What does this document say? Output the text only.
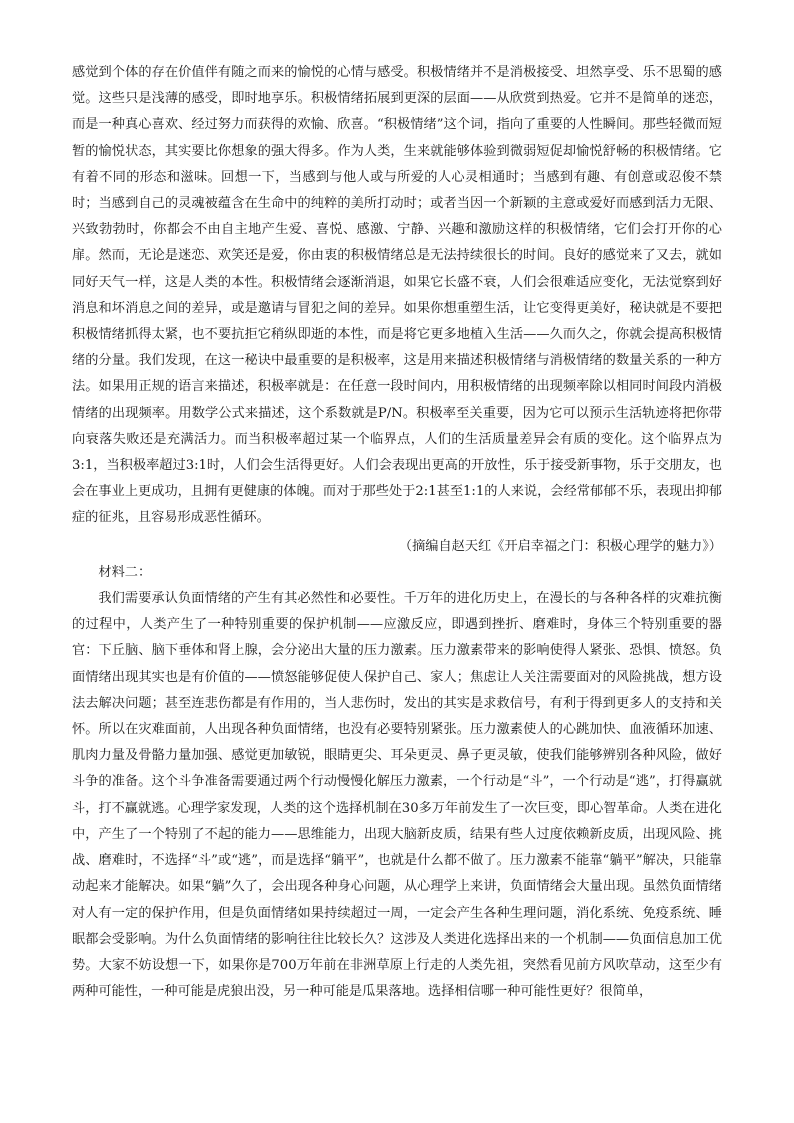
感觉到个体的存在价值伴有随之而来的愉悦的心情与感受。积极情绪并不是消极接受、坦然享受、乐不思蜀的感觉。这些只是浅薄的感受，即时地享乐。积极情绪拓展到更深的层面——从欣赏到热爱。它并不是简单的迷恋，而是一种真心喜欢、经过努力而获得的欢愉、欣喜。“积极情绪”这个词，指向了重要的人性瞬间。那些轻微而短暂的愉悦状态，其实要比你想象的强大得多。作为人类，生来就能够体验到微弱短促却愉悦舒畅的积极情绪。它有着不同的形态和滋味。回想一下，当感到与他人或与所爱的人心灵相通时；当感到有趣、有创意或忍俊不禁时；当感到自己的灵魂被蕴含在生命中的纯粹的美所打动时；或者当因一个新颖的主意或爱好而感到活力无限、兴致勃勃时，你都会不由自主地产生爱、喜悦、感激、宁静、兴趣和激励这样的积极情绪，它们会打开你的心扉。然而，无论是迷恋、欢笑还是爱，你由衷的积极情绪总是无法持续很长的时间。良好的感觉来了又去，就如同好天气一样，这是人类的本性。积极情绪会逐渐消退，如果它长盛不衰，人们会很难适应变化，无法觉察到好消息和坏消息之间的差异，或是邀请与冒犯之间的差异。如果你想重塑生活，让它变得更美好，秘诀就是不要把积极情绪抓得太紧，也不要抗拒它稍纵即逝的本性，而是将它更多地植入生活——久而久之，你就会提高积极情绪的分量。我们发现，在这一秘诀中最重要的是积极率，这是用来描述积极情绪与消极情绪的数量关系的一种方法。如果用正规的语言来描述，积极率就是：在任意一段时间内，用积极情绪的出现频率除以相同时间段内消极情绪的出现频率。用数学公式来描述，这个系数就是P/N。积极率至关重要，因为它可以预示生活轨迹将把你带向衰落失败还是充满活力。而当积极率超过某一个临界点，人们的生活质量差异会有质的变化。这个临界点为3:1，当积极率超过3:1时，人们会生活得更好。人们会表现出更高的开放性，乐于接受新事物，乐于交朋友，也会在事业上更成功，且拥有更健康的体魄。而对于那些处于2:1甚至1:1的人来说，会经常郁郁不乐，表现出抑郁症的征兆，且容易形成恶性循环。

（摘编自赵天红《开启幸福之门：积极心理学的魅力》）

材料二：

我们需要承认负面情绪的产生有其必然性和必要性。千万年的进化历史上，在漫长的与各种各样的灾难抗衡的过程中，人类产生了一种特别重要的保护机制——应激反应，即遇到挫折、磨难时，身体三个特别重要的器官：下丘脑、脑下垂体和肾上腺，会分泌出大量的压力激素。压力激素带来的影响使得人紧张、恐惧、愤怒。负面情绪出现其实也是有价值的——愤怒能够促使人保护自己、家人；焦虑让人关注需要面对的风险挑战，想方设法去解决问题；甚至连悲伤都是有作用的，当人悲伤时，发出的其实是求救信号，有利于得到更多人的支持和关怀。所以在灾难面前，人出现各种负面情绪，也没有必要特别紧张。压力激素使人的心跳加快、血液循环加速、肌肉力量及骨骼力量加强、感觉更加敏锐，眼睛更尖、耳朵更灵、鼻子更灵敏，使我们能够辨别各种风险，做好斗争的准备。这个斗争准备需要通过两个行动慢慢化解压力激素，一个行动是“斗”，一个行动是“逃”，打得赢就斗，打不赢就逃。心理学家发现，人类的这个选择机制在30多万年前发生了一次巨变，即心智革命。人类在进化中，产生了一个特别了不起的能力——思维能力，出现大脑新皮质，结果有些人过度依赖新皮质，出现风险、挑战、磨难时，不选择“斗”或“逃”，而是选择“躺平”，也就是什么都不做了。压力激素不能靠“躺平”解决，只能靠动起来才能解决。如果“躺”久了，会出现各种身心问题，从心理学上来讲，负面情绪会大量出现。虽然负面情绪对人有一定的保护作用，但是负面情绪如果持续超过一周，一定会产生各种生理问题，消化系统、免疫系统、睡眠都会受影响。为什么负面情绪的影响往往比较长久？这涉及人类进化选择出来的一个机制——负面信息加工优势。大家不妨设想一下，如果你是700万年前在非洲草原上行走的人类先祖，突然看见前方风吹草动，这至少有两种可能性，一种可能是虎狼出没，另一种可能是瓜果落地。选择相信哪一种可能性更好？很简单，
